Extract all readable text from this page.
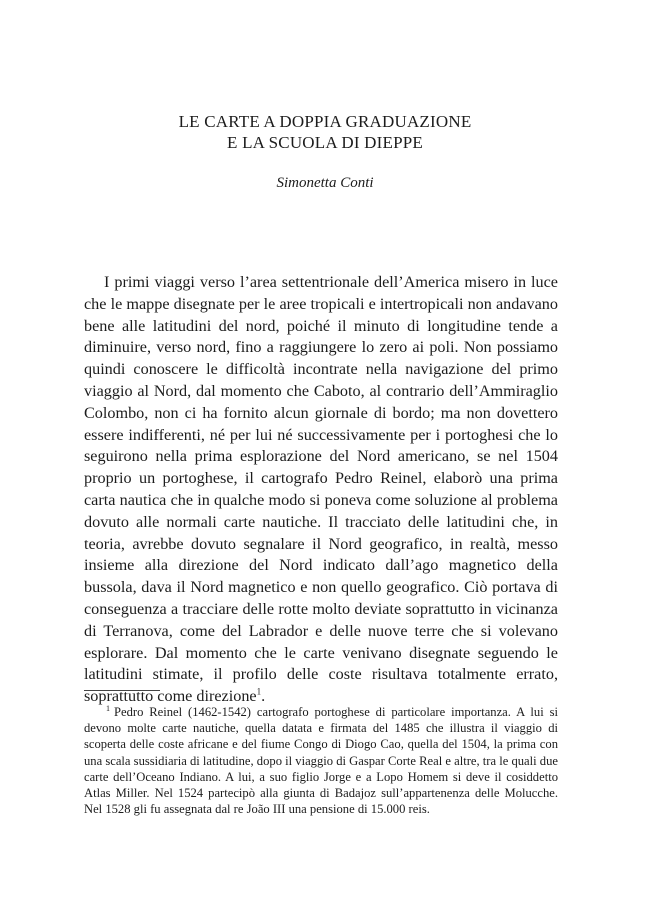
LE CARTE A DOPPIA GRADUAZIONE
E LA SCUOLA DI DIEPPE
Simonetta Conti

I primi viaggi verso l’area settentrionale dell’America misero in luce che le mappe disegnate per le aree tropicali e intertropicali non andavano bene alle latitudini del nord, poiché il minuto di longitudine tende a diminuire, verso nord, fino a raggiungere lo zero ai poli. Non possiamo quindi conoscere le difficoltà incontrate nella navigazione del primo viaggio al Nord, dal momento che Caboto, al contrario dell’Ammiraglio Colombo, non ci ha fornito alcun giornale di bordo; ma non dovettero essere indifferenti, né per lui né successivamente per i portoghesi che lo seguirono nella prima esplorazione del Nord americano, se nel 1504 proprio un portoghese, il cartografo Pedro Reinel, elaborò una prima carta nautica che in qualche modo si poneva come soluzione al problema dovuto alle normali carte nautiche. Il tracciato delle latitudini che, in teoria, avrebbe dovuto segnalare il Nord geografico, in realtà, messo insieme alla direzione del Nord indicato dall’ago magnetico della bussola, dava il Nord magnetico e non quello geografico. Ciò portava di conseguenza a tracciare delle rotte molto deviate soprattutto in vicinanza di Terranova, come del Labrador e delle nuove terre che si volevano esplorare. Dal momento che le carte venivano disegnate seguendo le latitudini stimate, il profilo delle coste risultava totalmente errato, soprattutto come direzione$^1$.

$^1$ Pedro Reinel (1462-1542) cartografo portoghese di particolare importanza. A lui si devono molte carte nautiche, quella datata e firmata del 1485 che illustra il viaggio di scoperta delle coste africane e del fiume Congo di Diogo Cao, quella del 1504, la prima con una scala sussidiaria di latitudine, dopo il viaggio di Gaspar Corte Real e altre, tra le quali due carte dell’Oceano Indiano. A lui, a suo figlio Jorge e a Lopo Homem si deve il cosiddetto Atlas Miller. Nel 1524 partecipò alla giunta di Badajoz sull’appartenenza delle Molucche. Nel 1528 gli fu assegnata dal re João III una pensione di 15.000 reis.
